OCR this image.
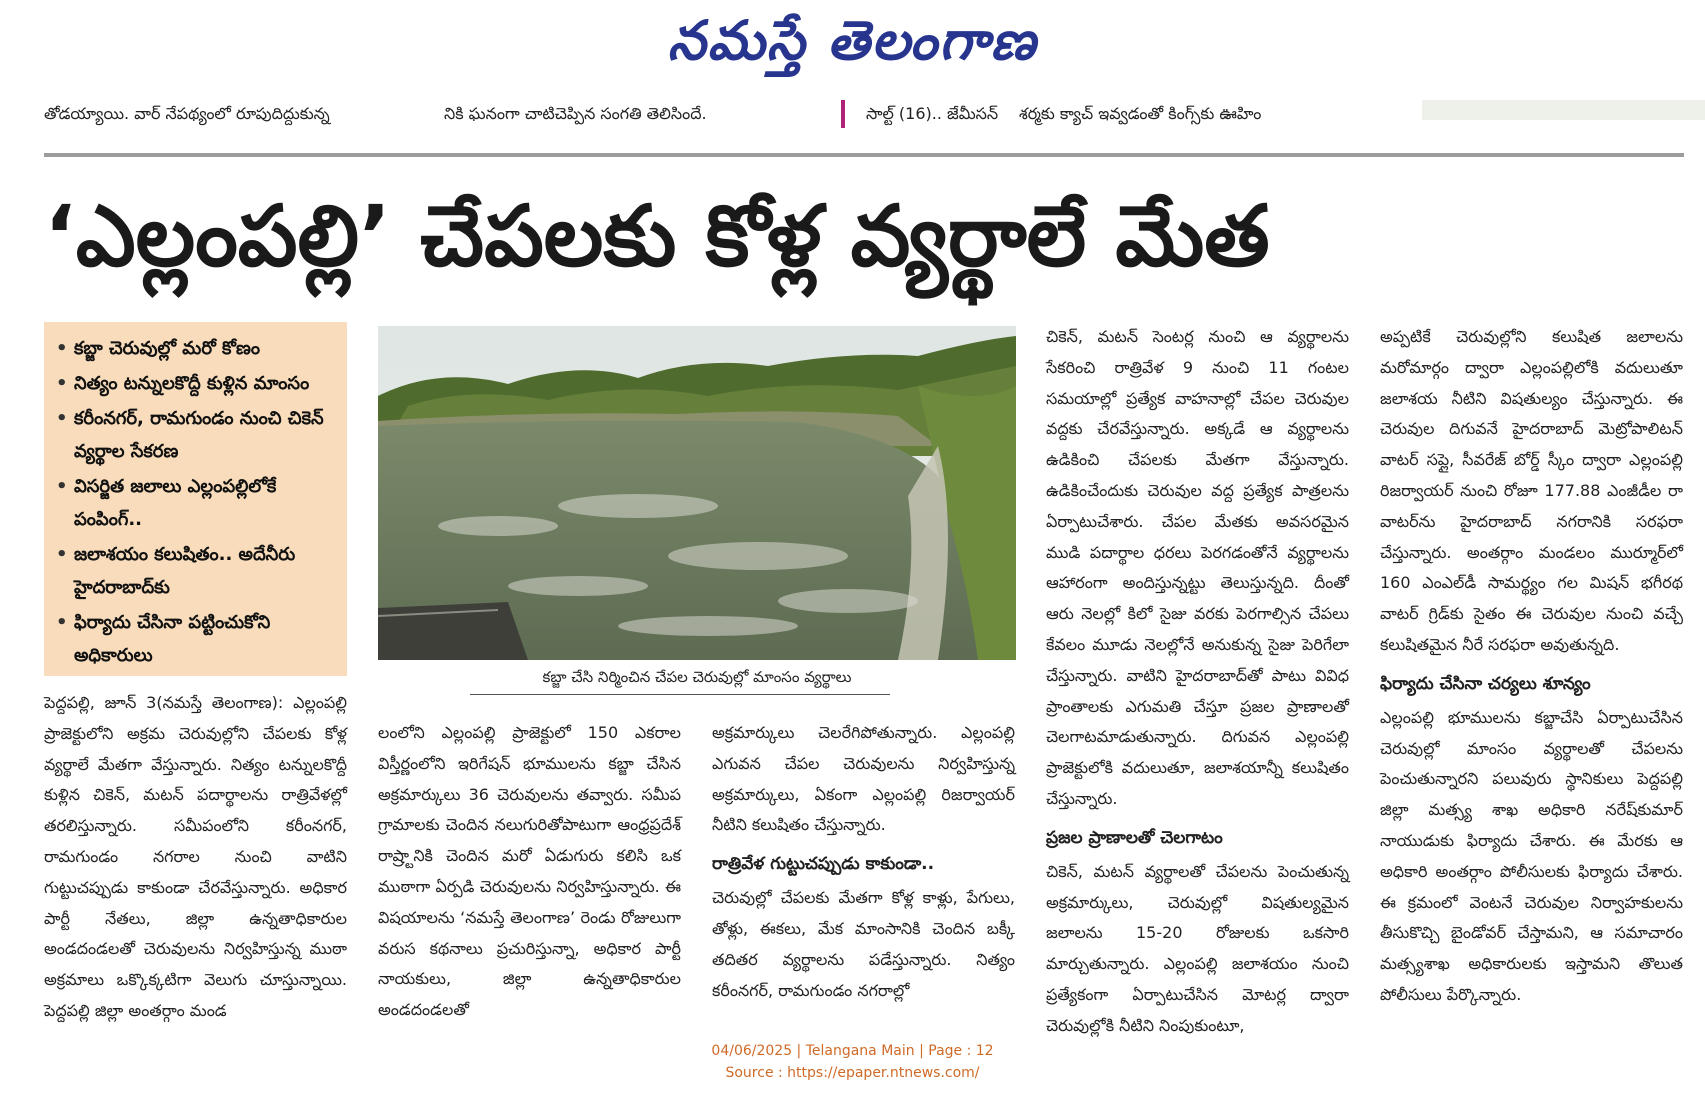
నమస్తే తెలంగాణ
తోడయ్యాయి. వార్ నేపథ్యంలో రూపుదిద్దుకున్న	నికి ఘనంగా చాటిచెప్పిన సంగతి తెలిసిందే.	సాల్ట్ (16).. జేమీసన్ శర్మకు క్యాచ్ ఇవ్వడంతో కింగ్స్‌కు ఊహిం
‘ఎల్లంపల్లి’ చేపలకు కోళ్ల వ్యర్థాలే మేత
• కబ్జా చెరువుల్లో మరో కోణం
• నిత్యం టన్నులకొద్దీ కుళ్లిన మాంసం
• కరీంనగర్, రామగుండం నుంచి చికెన్ వ్యర్థాల సేకరణ
• విసర్జిత జలాలు ఎల్లంపల్లిలోకే పంపింగ్..
• జలాశయం కలుషితం.. అదేనీరు హైదరాబాద్‌కు
• ఫిర్యాదు చేసినా పట్టించుకోని అధికారులు
కబ్జా చేసి నిర్మించిన చేపల చెరువుల్లో మాంసం వ్యర్థాలు

పెద్దపల్లి, జూన్ 3(నమస్తే తెలంగాణ): ఎల్లంపల్లి ప్రాజెక్టులోని అక్రమ చెరువుల్లోని చేపలకు కోళ్ల వ్యర్థాలే మేతగా వేస్తున్నారు. నిత్యం టన్నులకొద్దీ కుళ్లిన చికెన్, మటన్ పదార్థాలను రాత్రివేళల్లో తరలిస్తున్నారు. సమీపంలోని కరీంనగర్, రామగుండం నగరాల నుంచి వాటిని గుట్టుచప్పుడు కాకుండా చేరవేస్తున్నారు. అధికార పార్టీ నేతలు, జిల్లా ఉన్నతాధికారుల అండదండలతో చెరువులను నిర్వహిస్తున్న ముఠా అక్రమాలు ఒక్కొక్కటిగా వెలుగు చూస్తున్నాయి. పెద్దపల్లి జిల్లా అంతర్గాం మండ

లంలోని ఎల్లంపల్లి ప్రాజెక్టులో 150 ఎకరాల విస్తీర్ణంలోని ఇరిగేషన్ భూములను కబ్జా చేసిన అక్రమార్కులు 36 చెరువులను తవ్వారు. సమీప గ్రామాలకు చెందిన నలుగురితోపాటుగా ఆంధ్రప్రదేశ్ రాష్ర్టానికి చెందిన మరో ఏడుగురు కలిసి ఒక ముఠాగా ఏర్పడి చెరువులను నిర్వహిస్తున్నారు. ఈ విషయాలను ‘నమస్తే తెలంగాణ’ రెండు రోజులుగా వరుస కథనాలు ప్రచురిస్తున్నా, అధికార పార్టీ నాయకులు, జిల్లా ఉన్నతాధికారుల అండదండలతో

అక్రమార్కులు చెలరేగిపోతున్నారు. ఎల్లంపల్లి ఎగువన చేపల చెరువులను నిర్వహిస్తున్న అక్రమార్కులు, ఏకంగా ఎల్లంపల్లి రిజర్వాయర్ నీటిని కలుషితం చేస్తున్నారు.

రాత్రివేళ గుట్టుచప్పుడు కాకుండా..

చెరువుల్లో చేపలకు మేతగా కోళ్ల కాళ్లు, పేగులు, తోళ్లు, ఈకలు, మేక మాంసానికి చెందిన బక్కీ తదితర వ్యర్థాలను పడేస్తున్నారు. నిత్యం కరీంనగర్, రామగుండం నగరాల్లో

చికెన్, మటన్ సెంటర్ల నుంచి ఆ వ్యర్థాలను సేకరించి రాత్రివేళ 9 నుంచి 11 గంటల సమయాల్లో ప్రత్యేక వాహనాల్లో చేపల చెరువుల వద్దకు చేరవేస్తున్నారు. అక్కడే ఆ వ్యర్థాలను ఉడికించి చేపలకు మేతగా వేస్తున్నారు. ఉడికించేందుకు చెరువుల వద్ద ప్రత్యేక పాత్రలను ఏర్పాటుచేశారు. చేపల మేతకు అవసరమైన ముడి పదార్థాల ధరలు పెరగడంతోనే వ్యర్థాలను ఆహారంగా అందిస్తున్నట్టు తెలుస్తున్నది. దీంతో ఆరు నెలల్లో కిలో సైజు వరకు పెరగాల్సిన చేపలు కేవలం మూడు నెలల్లోనే అనుకున్న సైజు పెరిగేలా చేస్తున్నారు. వాటిని హైదరాబాద్‌తో పాటు వివిధ ప్రాంతాలకు ఎగుమతి చేస్తూ ప్రజల ప్రాణాలతో చెలగాటమాడుతున్నారు. దిగువన ఎల్లంపల్లి ప్రాజెక్టులోకి వదులుతూ, జలాశయాన్నీ కలుషితం చేస్తున్నారు.

ప్రజల ప్రాణాలతో చెలగాటం

చికెన్, మటన్ వ్యర్థాలతో చేపలను పెంచుతున్న అక్రమార్కులు, చెరువుల్లో విషతుల్యమైన జలాలను 15-20 రోజులకు ఒకసారి మార్చుతున్నారు. ఎల్లంపల్లి జలాశయం నుంచి ప్రత్యేకంగా ఏర్పాటుచేసిన మోటర్ల ద్వారా చెరువుల్లోకి నీటిని నింపుకుంటూ,

అప్పటికే చెరువుల్లోని కలుషిత జలాలను మరోమార్గం ద్వారా ఎల్లంపల్లిలోకి వదులుతూ జలాశయ నీటిని విషతుల్యం చేస్తున్నారు. ఈ చెరువుల దిగువనే హైదరాబాద్ మెట్రోపాలిటన్ వాటర్ సప్లై, సీవరేజ్ బోర్డ్ స్కీం ద్వారా ఎల్లంపల్లి రిజర్వాయర్ నుంచి రోజూ 177.88 ఎంజీడీల రా వాటర్‌ను హైదరాబాద్ నగరానికి సరఫరా చేస్తున్నారు. అంతర్గాం మండలం ముర్మూర్‌లో 160 ఎంఎల్‌డీ సామర్థ్యం గల మిషన్ భగీరథ వాటర్ గ్రిడ్‌కు సైతం ఈ చెరువుల నుంచి వచ్చే కలుషితమైన నీరే సరఫరా అవుతున్నది.

ఫిర్యాదు చేసినా చర్యలు శూన్యం

ఎల్లంపల్లి భూములను కబ్జాచేసి ఏర్పాటుచేసిన చెరువుల్లో మాంసం వ్యర్థాలతో చేపలను పెంచుతున్నారని పలువురు స్థానికులు పెద్దపల్లి జిల్లా మత్స్య శాఖ అధికారి నరేష్‌కుమార్ నాయుడుకు ఫిర్యాదు చేశారు. ఈ మేరకు ఆ అధికారి అంతర్గాం పోలీసులకు ఫిర్యాదు చేశారు. ఈ క్రమంలో వెంటనే చెరువుల నిర్వాహకులను తీసుకొచ్చి బైండోవర్ చేస్తామని, ఆ సమాచారం మత్స్యశాఖ అధికారులకు ఇస్తామని తొలుత పోలీసులు పేర్కొన్నారు.

04/06/2025 | Telangana Main | Page : 12
Source : https://epaper.ntnews.com/
